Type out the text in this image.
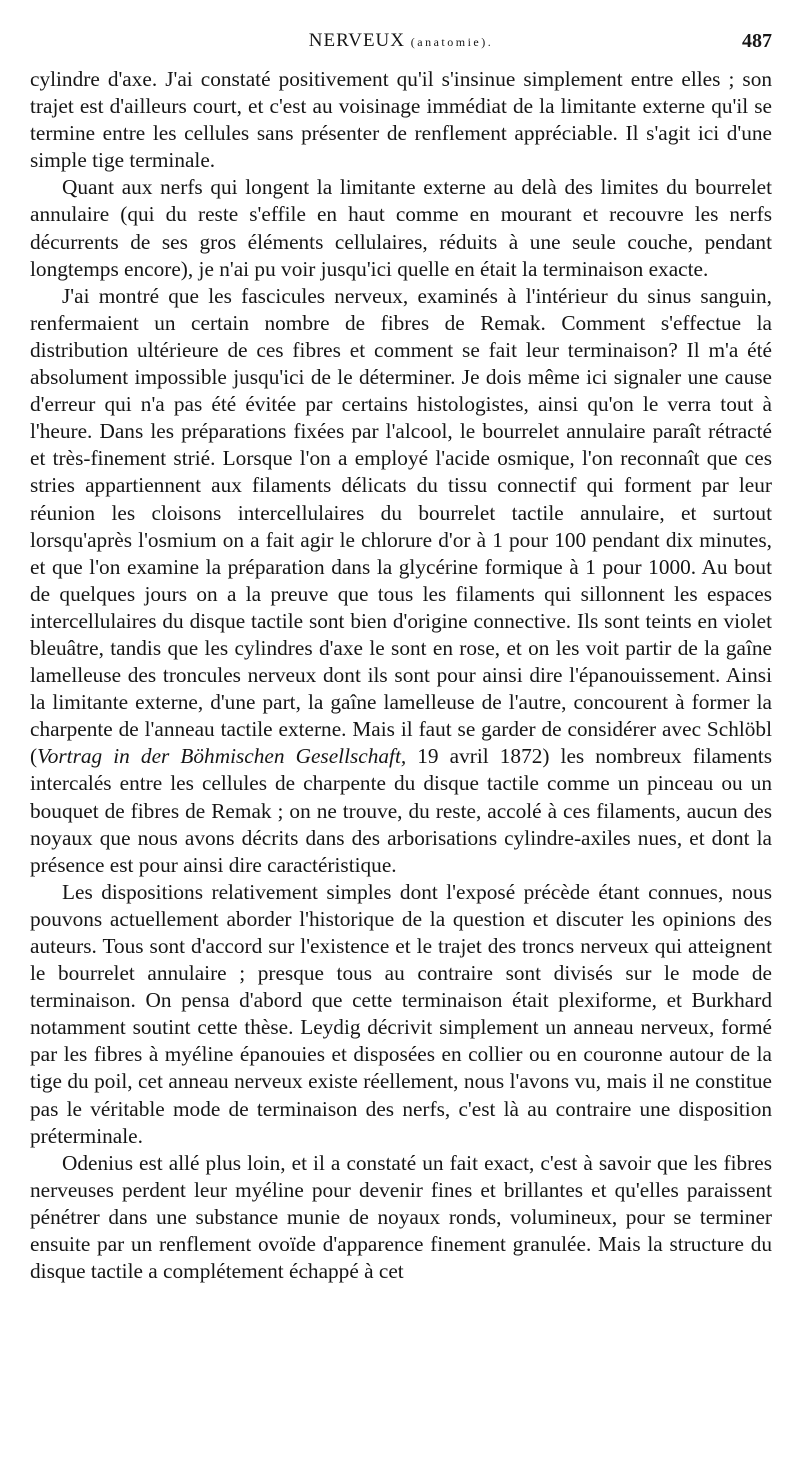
NERVEUX (anatomie).	487

cylindre d'axe. J'ai constaté positivement qu'il s'insinue simplement entre elles ; son trajet est d'ailleurs court, et c'est au voisinage immédiat de la limitante externe qu'il se termine entre les cellules sans présenter de renflement appréciable. Il s'agit ici d'une simple tige terminale.

Quant aux nerfs qui longent la limitante externe au delà des limites du bourrelet annulaire (qui du reste s'effile en haut comme en mourant et recouvre les nerfs décurrents de ses gros éléments cellulaires, réduits à une seule couche, pendant longtemps encore), je n'ai pu voir jusqu'ici quelle en était la terminaison exacte.

J'ai montré que les fascicules nerveux, examinés à l'intérieur du sinus sanguin, renfermaient un certain nombre de fibres de Remak. Comment s'effectue la distribution ultérieure de ces fibres et comment se fait leur terminaison? Il m'a été absolument impossible jusqu'ici de le déterminer. Je dois même ici signaler une cause d'erreur qui n'a pas été évitée par certains histologistes, ainsi qu'on le verra tout à l'heure. Dans les préparations fixées par l'alcool, le bourrelet annulaire paraît rétracté et très-finement strié. Lorsque l'on a employé l'acide osmique, l'on reconnaît que ces stries appartiennent aux filaments délicats du tissu connectif qui forment par leur réunion les cloisons intercellulaires du bourrelet tactile annulaire, et surtout lorsqu'après l'osmium on a fait agir le chlorure d'or à 1 pour 100 pendant dix minutes, et que l'on examine la préparation dans la glycérine formique à 1 pour 1000. Au bout de quelques jours on a la preuve que tous les filaments qui sillonnent les espaces intercellulaires du disque tactile sont bien d'origine connective. Ils sont teints en violet bleuâtre, tandis que les cylindres d'axe le sont en rose, et on les voit partir de la gaîne lamelleuse des troncules nerveux dont ils sont pour ainsi dire l'épanouissement. Ainsi la limitante externe, d'une part, la gaîne lamelleuse de l'autre, concourent à former la charpente de l'anneau tactile externe. Mais il faut se garder de considérer avec Schlöbl (Vortrag in der Böhmischen Gesellschaft, 19 avril 1872) les nombreux filaments intercalés entre les cellules de charpente du disque tactile comme un pinceau ou un bouquet de fibres de Remak ; on ne trouve, du reste, accolé à ces filaments, aucun des noyaux que nous avons décrits dans des arborisations cylindre-axiles nues, et dont la présence est pour ainsi dire caractéristique.

Les dispositions relativement simples dont l'exposé précède étant connues, nous pouvons actuellement aborder l'historique de la question et discuter les opinions des auteurs. Tous sont d'accord sur l'existence et le trajet des troncs nerveux qui atteignent le bourrelet annulaire ; presque tous au contraire sont divisés sur le mode de terminaison. On pensa d'abord que cette terminaison était plexiforme, et Burkhard notamment soutint cette thèse. Leydig décrivit simplement un anneau nerveux, formé par les fibres à myéline épanouies et disposées en collier ou en couronne autour de la tige du poil, cet anneau nerveux existe réellement, nous l'avons vu, mais il ne constitue pas le véritable mode de terminaison des nerfs, c'est là au contraire une disposition préterminale.

Odenius est allé plus loin, et il a constaté un fait exact, c'est à savoir que les fibres nerveuses perdent leur myéline pour devenir fines et brillantes et qu'elles paraissent pénétrer dans une substance munie de noyaux ronds, volumineux, pour se terminer ensuite par un renflement ovoïde d'apparence finement granulée. Mais la structure du disque tactile a complétement échappé à cet
